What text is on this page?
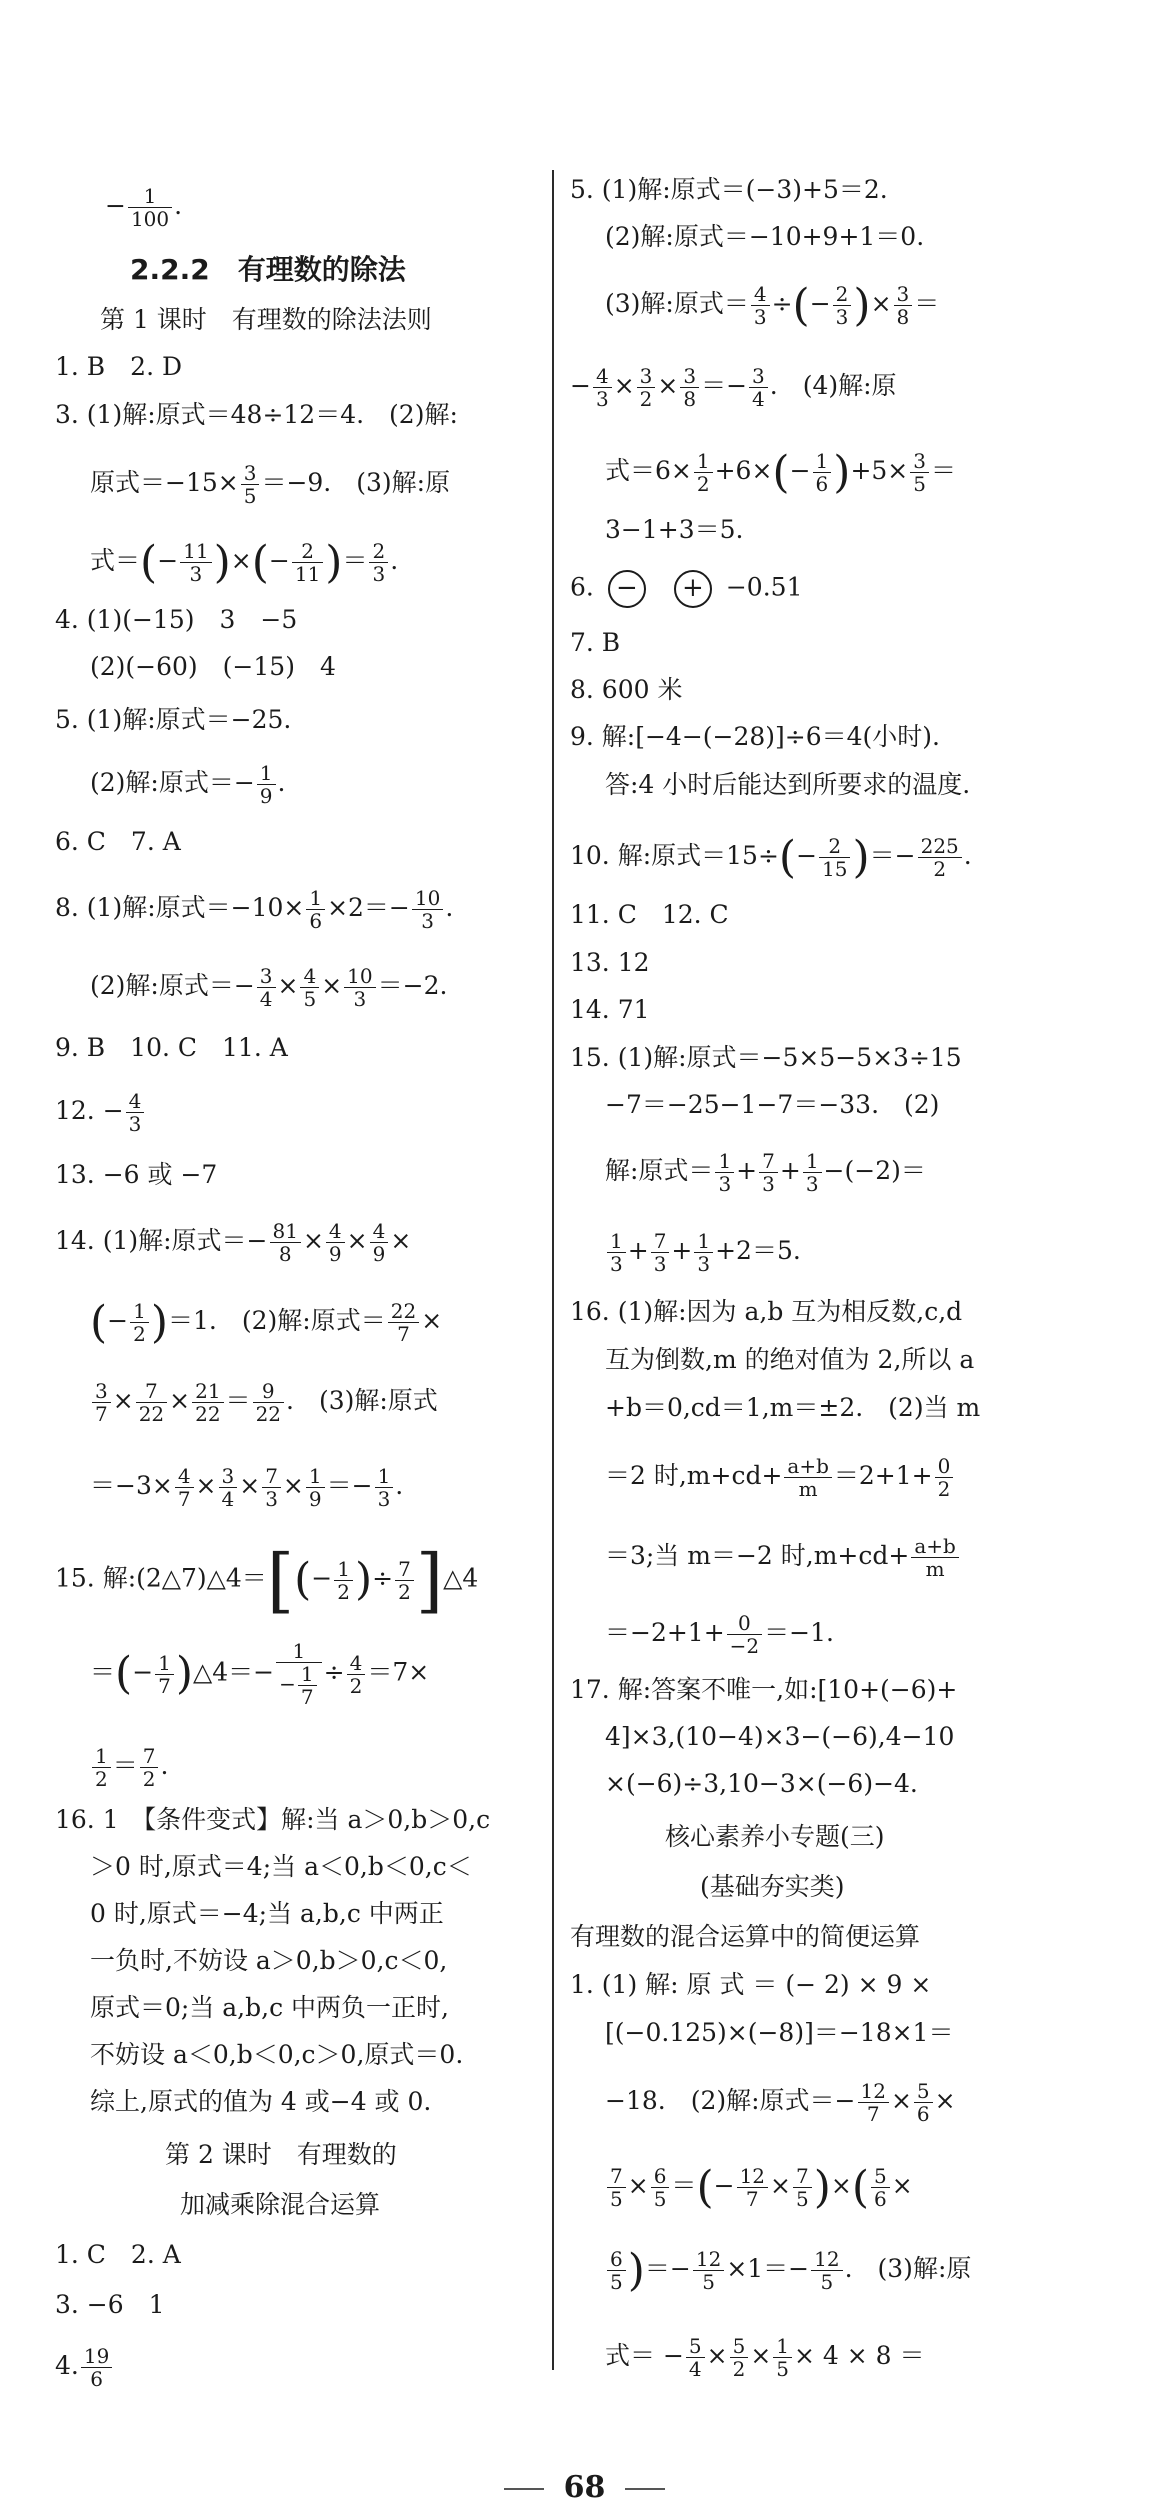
− $\frac{1}{100}$ .
2.2.2　有理数的除法
第 1 课时　有理数的除法法则
1. B　2. D
3. (1)解:原式＝48÷12＝4.　(2)解:
原式$=-15\times \frac{3}{5} =-9$.　(3)解:原
式＝(− $\frac{11}{3}$ )×(− $\frac{2}{11}$ )＝ $\frac{2}{3}$ .
4. (1)(−15)　3　−5
(2)(−60)　(−15)　4
5. (1)解:原式＝−25.
(2)解:原式＝− $\frac{1}{9}$ .
6. C　7. A
8. (1)解:原式$=-10\times \frac{1}{6} \times 2=- \frac{10}{3}$ .
(2)解:原式＝− $\frac{3}{4} \times \frac{4}{5} \times \frac{10}{3} =-2$.
9. B　10. C　11. A
12. − $\frac{4}{3}$
13. −6 或 −7
14. (1)解:原式＝− $\frac{81}{8} \times \frac{4}{9} \times \frac{4}{9}$ ×
(− $\frac{1}{2} )=1$.　(2)解:原式＝ $\frac{22}{7}$ ×
$\frac{3}{7} \times \frac{7}{22} \times \frac{21}{22} = \frac{9}{22}$ .　(3)解:原式
$=-3\times \frac{4}{7} \times \frac{3}{4} \times \frac{7}{3} \times \frac{1}{9} =- \frac{1}{3}$ .
15. 解:(2△7)△4＝[(− $\frac{1}{2}$ )÷ $\frac{7}{2}$ ]△4
＝(− $\frac{1}{7}$ )△4＝− $\frac{1}{- \frac{1}{7}} \div \frac{4}{2} =7\times$
$\frac{1}{2} = \frac{7}{2}$ .
16. 1　【条件变式】解:当 a＞0,b＞0,c
＞0 时,原式＝4;当 a＜0,b＜0,c＜
0 时,原式＝−4;当 a,b,c 中两正
一负时,不妨设 a＞0,b＞0,c＜0,
原式＝0;当 a,b,c 中两负一正时,
不妨设 a＜0,b＜0,c＞0,原式＝0.
综上,原式的值为 4 或−4 或 0.
第 2 课时　有理数的
加减乘除混合运算
1. C　2. A
3. −6　1
4. $\frac{19}{6}$
5. (1)解:原式＝(−3)+5＝2.
(2)解:原式＝−10+9+1＝0.
(3)解:原式＝ $\frac{4}{3}$ ÷(− $\frac{2}{3}$ )× $\frac{3}{8}$ ＝
− $\frac{4}{3} \times \frac{3}{2} \times \frac{3}{8} =- \frac{3}{4}$ .　(4)解:原
式$=6\times \frac{1}{2} +6\times(- \frac{1}{6} )+5\times \frac{3}{5}$ ＝
3−1+3＝5.
6. − + −0.51
7. B
8. 600 米
9. 解:[−4−(−28)]÷6＝4(小时).
答:4 小时后能达到所要求的温度.
10. 解:原式$=15\div(- \frac{2}{15}$ )＝− $\frac{225}{2}$ .
11. C　12. C
13. 12
14. 71
15. (1)解:原式＝−5×5−5×3÷15
−7＝−25−1−7＝−33.　(2)
解:原式＝ $\frac{1}{3} + \frac{7}{3} + \frac{1}{3} -(-2)=$
$\frac{1}{3} + \frac{7}{3} + \frac{1}{3} +2=5$.
16. (1)解:因为 a,b 互为相反数,c,d
互为倒数,m 的绝对值为 2,所以 a
+b＝0,cd＝1,m＝±2.　(2)当 m
＝2 时$,m+cd+ \frac{a+b}{m} =2+1+ \frac{0}{2}$
＝3;当 m＝−2 时$,m+cd+ \frac{a+b}{m}$
$=-2+1+ \frac{0}{-2} =-1$.
17. 解:答案不唯一,如:[10+(−6)+
4]×3,(10−4)×3−(−6),4−10
×(−6)÷3,10−3×(−6)−4.
核心素养小专题(三)
(基础夯实类)
有理数的混合运算中的简便运算
1. (1) 解: 原 式 ＝ (− 2) × 9 ×
[(−0.125)×(−8)]＝−18×1＝
−18.　(2)解:原式＝− $\frac{12}{7} \times \frac{5}{6}$ ×
$\frac{7}{5} \times \frac{6}{5}$ ＝(− $\frac{12}{7} \times \frac{7}{5}$ )×( $\frac{5}{6}$ ×
$\frac{6}{5}$ )＝− $\frac{12}{5} \times 1=- \frac{12}{5}$ .　(3)解:原
式＝ − $\frac{5}{4} \times \frac{5}{2} \times \frac{1}{5} \times 4 \times 8$ ＝
68
